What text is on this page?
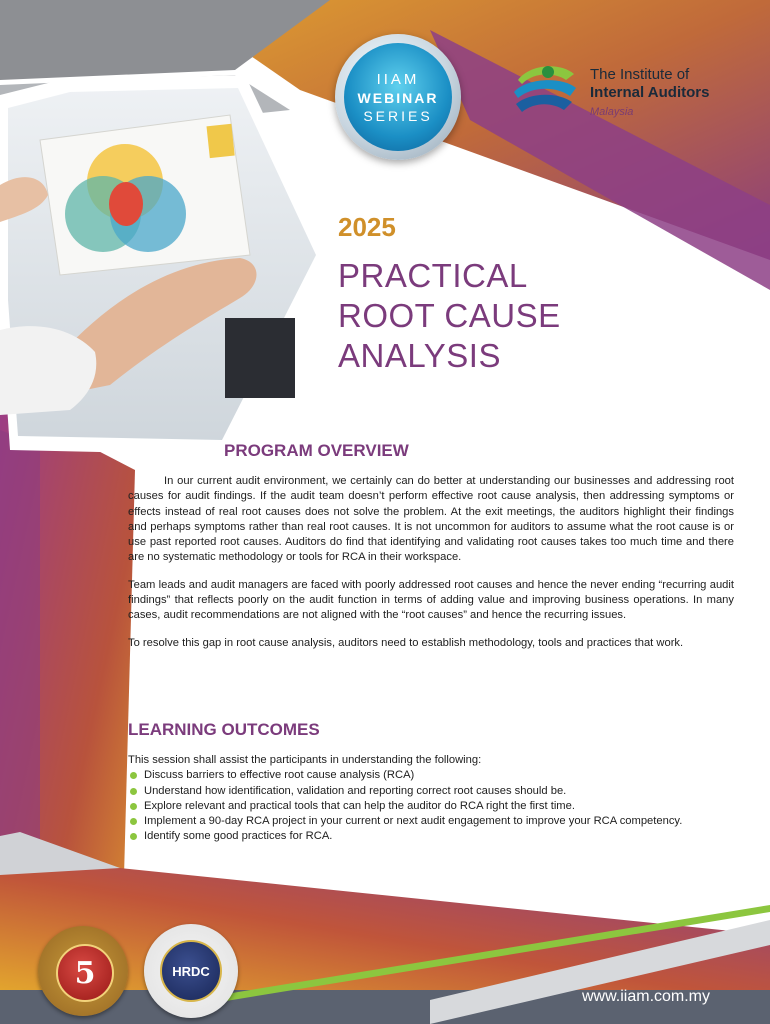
IIAM
WEBINAR
SERIES
The Institute of
Internal Auditors
Malaysia
2025
PRACTICAL
ROOT CAUSE
ANALYSIS
PROGRAM OVERVIEW

In our current audit environment, we certainly can do better at understanding our businesses and addressing root causes for audit findings. If the audit team doesn’t perform effective root cause analysis, then addressing symptoms or effects instead of real root causes does not solve the problem. At the exit meetings, the auditors highlight their findings and perhaps symptoms rather than real root causes. It is not uncommon for auditors to assume what the root cause is or use past reported root causes. Auditors do find that identifying and validating root causes takes too much time and there are no systematic methodology or tools for RCA in their workspace.

Team leads and audit managers are faced with poorly addressed root causes and hence the never ending “recurring audit findings” that reflects poorly on the audit function in terms of adding value and improving business operations. In many cases, audit recommendations are not aligned with the “root causes” and hence the recurring issues.

To resolve this gap in root cause analysis, auditors need to establish methodology, tools and practices that work.

LEARNING OUTCOMES
This session shall assist the participants in understanding the following:
Discuss barriers to effective root cause analysis (RCA)
Understand how identification, validation and reporting correct root causes should be.
Explore relevant and practical tools that can help the auditor do RCA right the first time.
Implement a 90-day RCA project in your current or next audit engagement to improve your RCA competency.
Identify some good practices for RCA.
5	HRDC
www.iiam.com.my
